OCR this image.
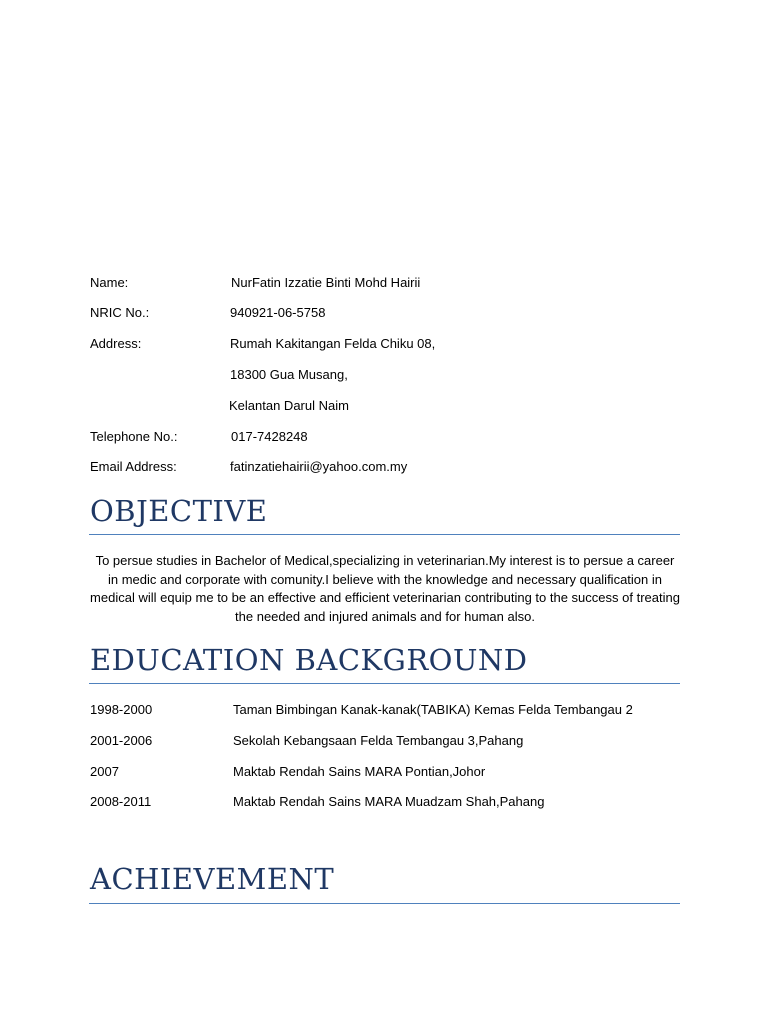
Name:	NurFatin Izzatie Binti Mohd Hairii
NRIC No.:	940921-06-5758
Address:	Rumah Kakitangan Felda Chiku 08,
18300 Gua Musang,
Kelantan Darul Naim
Telephone No.:	017-7428248
Email Address:	fatinzatiehairii@yahoo.com.my
OBJECTIVE
To persue studies in Bachelor of Medical,specializing in veterinarian.My interest is to persue a career in medic and corporate with comunity.I believe with the knowledge and necessary qualification in medical will equip me to be an effective and efficient veterinarian contributing to the success of treating the needed and injured animals and for human also.
EDUCATION BACKGROUND
1998-2000	Taman Bimbingan Kanak-kanak(TABIKA) Kemas Felda Tembangau 2
2001-2006	Sekolah Kebangsaan Felda Tembangau 3,Pahang
2007	Maktab Rendah Sains MARA Pontian,Johor
2008-2011	Maktab Rendah Sains MARA Muadzam Shah,Pahang
ACHIEVEMENT
